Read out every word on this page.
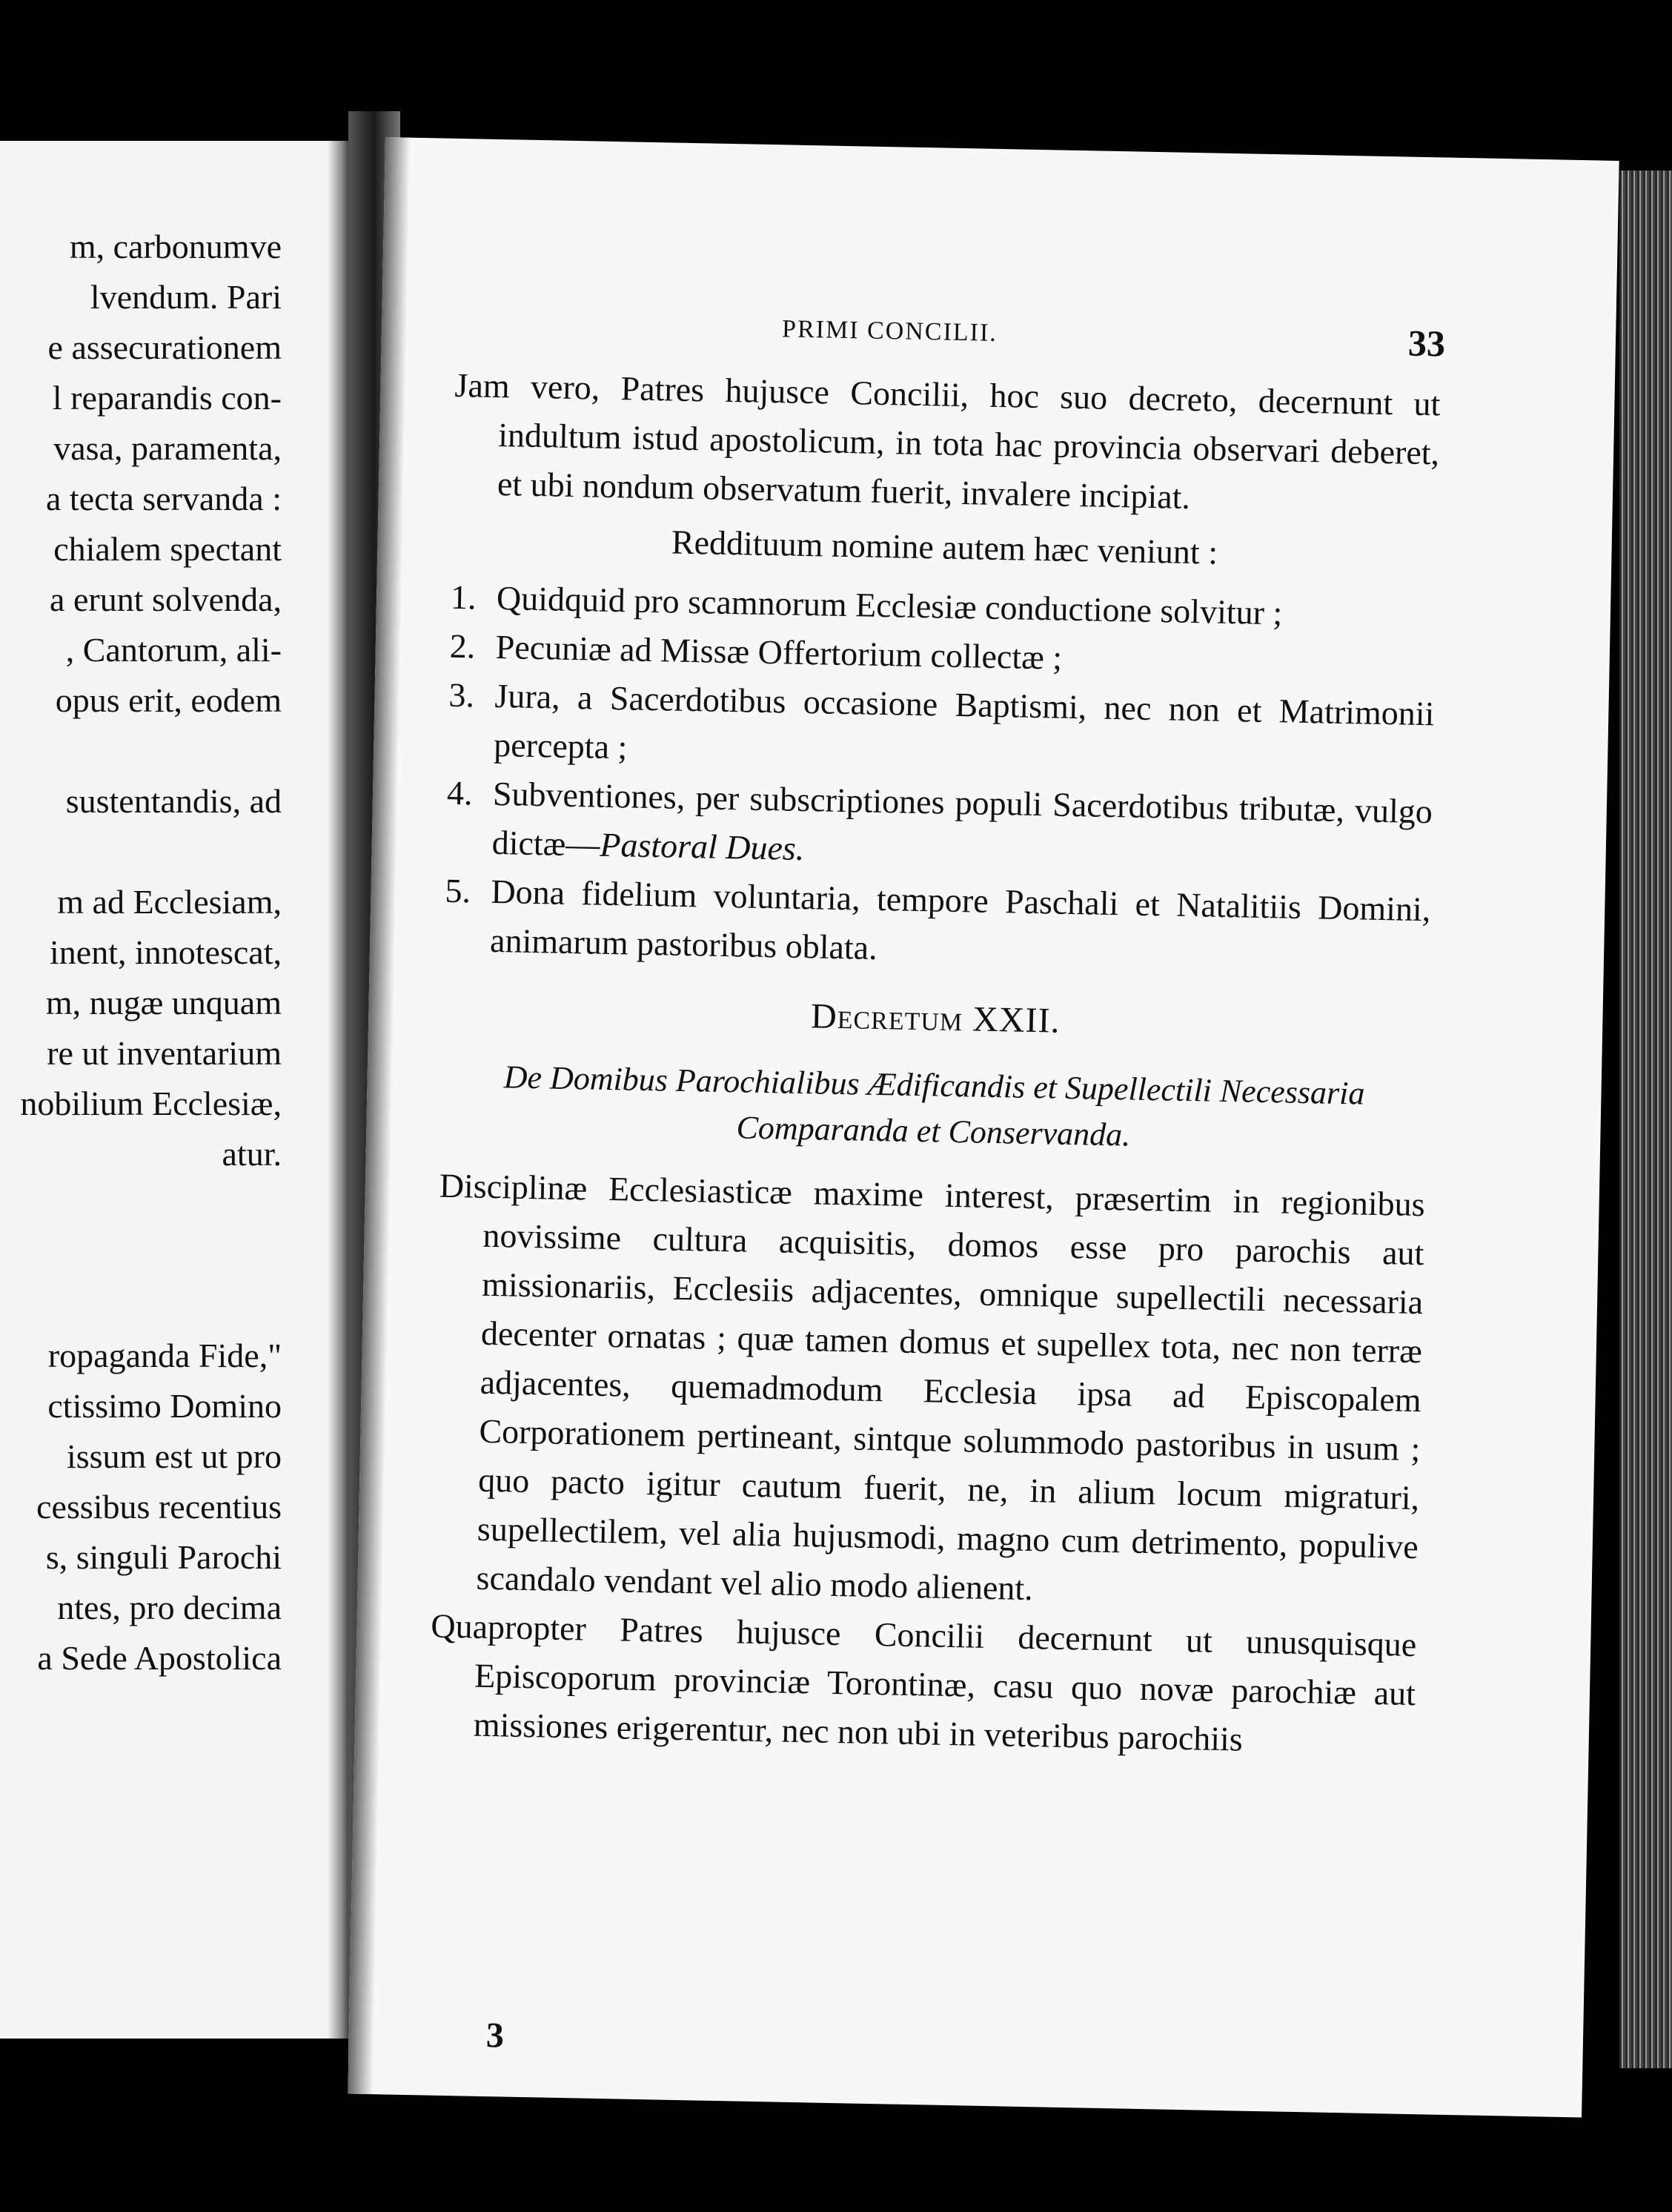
m, carbonumve
lvendum. Pari
e assecurationem
l reparandis con-
vasa, paramenta,
a tecta servanda :
chialem spectant
a erunt solvenda,
, Cantorum, ali-
opus erit, eodem
sustentandis, ad
m ad Ecclesiam,
inent, innotescat,
m, nugæ unquam
re ut inventarium
nobilium Ecclesiæ,
atur.
ropaganda Fide,"
ctissimo Domino
issum est ut pro
cessibus recentius
s, singuli Parochi
ntes, pro decima
a Sede Apostolica
PRIMI CONCILII.	33

Jam vero, Patres hujusce Concilii, hoc suo decreto, decernunt ut indultum istud apostolicum, in tota hac provincia observari deberet, et ubi nondum observatum fuerit, invalere incipiat.

Reddituum nomine autem hæc veniunt :

1. Quidquid pro scamnorum Ecclesiæ conductione solvitur ;
2. Pecuniæ ad Missæ Offertorium collectæ ;
3. Jura, a Sacerdotibus occasione Baptismi, nec non et Matrimonii percepta ;
4. Subventiones, per subscriptiones populi Sacerdotibus tributæ, vulgo dictæ—Pastoral Dues.
5. Dona fidelium voluntaria, tempore Paschali et Natalitiis Domini, animarum pastoribus oblata.
Decretum XXII.
De Domibus Parochialibus Ædificandis et Supellectili Necessaria
Comparanda et Conservanda.

Disciplinæ Ecclesiasticæ maxime interest, præsertim in regionibus novissime cultura acquisitis, domos esse pro parochis aut missionariis, Ecclesiis adjacentes, omnique supellectili necessaria decenter ornatas ; quæ tamen domus et supellex tota, nec non terræ adjacentes, quemadmodum Ecclesia ipsa ad Episcopalem Corporationem pertineant, sintque solummodo pastoribus in usum ; quo pacto igitur cautum fuerit, ne, in alium locum migraturi, supellectilem, vel alia hujusmodi, magno cum detrimento, populive scandalo vendant vel alio modo alienent.

Quapropter Patres hujusce Concilii decernunt ut unusquisque Episcoporum provinciæ Torontinæ, casu quo novæ parochiæ aut missiones erigerentur, nec non ubi in veteribus parochiis

3
